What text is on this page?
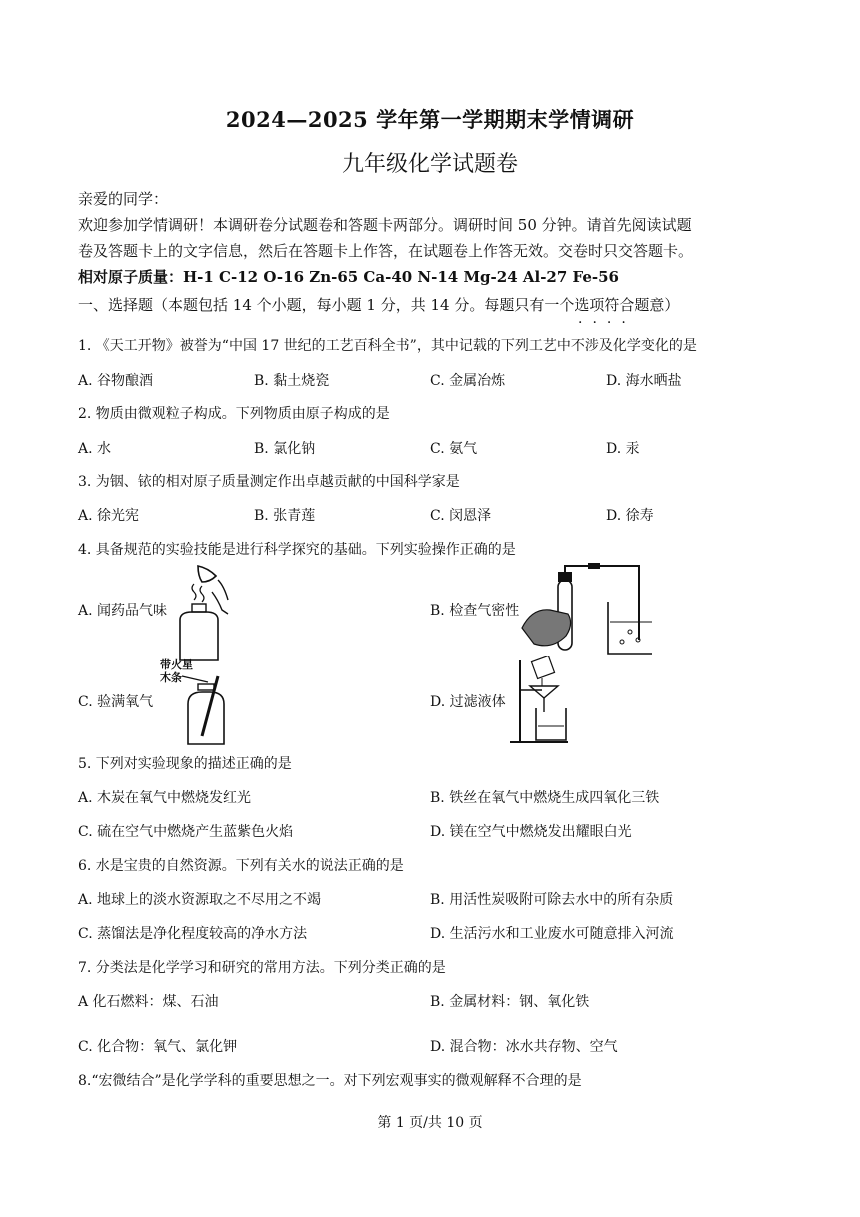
2024—2025 学年第一学期期末学情调研
九年级化学试题卷

亲爱的同学：

欢迎参加学情调研！本调研卷分试题卷和答题卡两部分。调研时间 50 分钟。请首先阅读试题

卷及答题卡上的文字信息，然后在答题卡上作答，在试题卷上作答无效。交卷时只交答题卡。

相对原子质量：H-1 C-12 O-16 Zn-65 Ca-40 N-14 Mg-24 Al-27 Fe-56

一、选择题（本题包括 14 个小题，每小题 1 分，共 14 分。每题只有一个选项符合题意）
····
1. 《天工开物》被誉为“中国 17 世纪的工艺百科全书”，其中记载的下列工艺中不涉及化学变化的是
A. 谷物酿酒	B. 黏土烧瓷	C. 金属冶炼	D. 海水晒盐
2. 物质由微观粒子构成。下列物质由原子构成的是
A. 水	B. 氯化钠	C. 氨气	D. 汞
3. 为铟、铱的相对原子质量测定作出卓越贡献的中国科学家是
A. 徐光宪	B. 张青莲	C. 闵恩泽	D. 徐寿
4. 具备规范的实验技能是进行科学探究的基础。下列实验操作正确的是
A. 闻药品气味	B. 检查气密性
C. 验满氧气
带火星
木条
D. 过滤液体
5. 下列对实验现象的描述正确的是
A. 木炭在氧气中燃烧发红光	B. 铁丝在氧气中燃烧生成四氧化三铁
C. 硫在空气中燃烧产生蓝紫色火焰	D. 镁在空气中燃烧发出耀眼白光
6. 水是宝贵的自然资源。下列有关水的说法正确的是
A. 地球上的淡水资源取之不尽用之不竭	B. 用活性炭吸附可除去水中的所有杂质
C. 蒸馏法是净化程度较高的净水方法	D. 生活污水和工业废水可随意排入河流
7. 分类法是化学学习和研究的常用方法。下列分类正确的是
A 化石燃料：煤、石油	B. 金属材料：钢、氧化铁
C. 化合物：氧气、氯化钾	D. 混合物：冰水共存物、空气
8.“宏微结合”是化学学科的重要思想之一。对下列宏观事实的微观解释不合理的是
第 1 页/共 10 页
